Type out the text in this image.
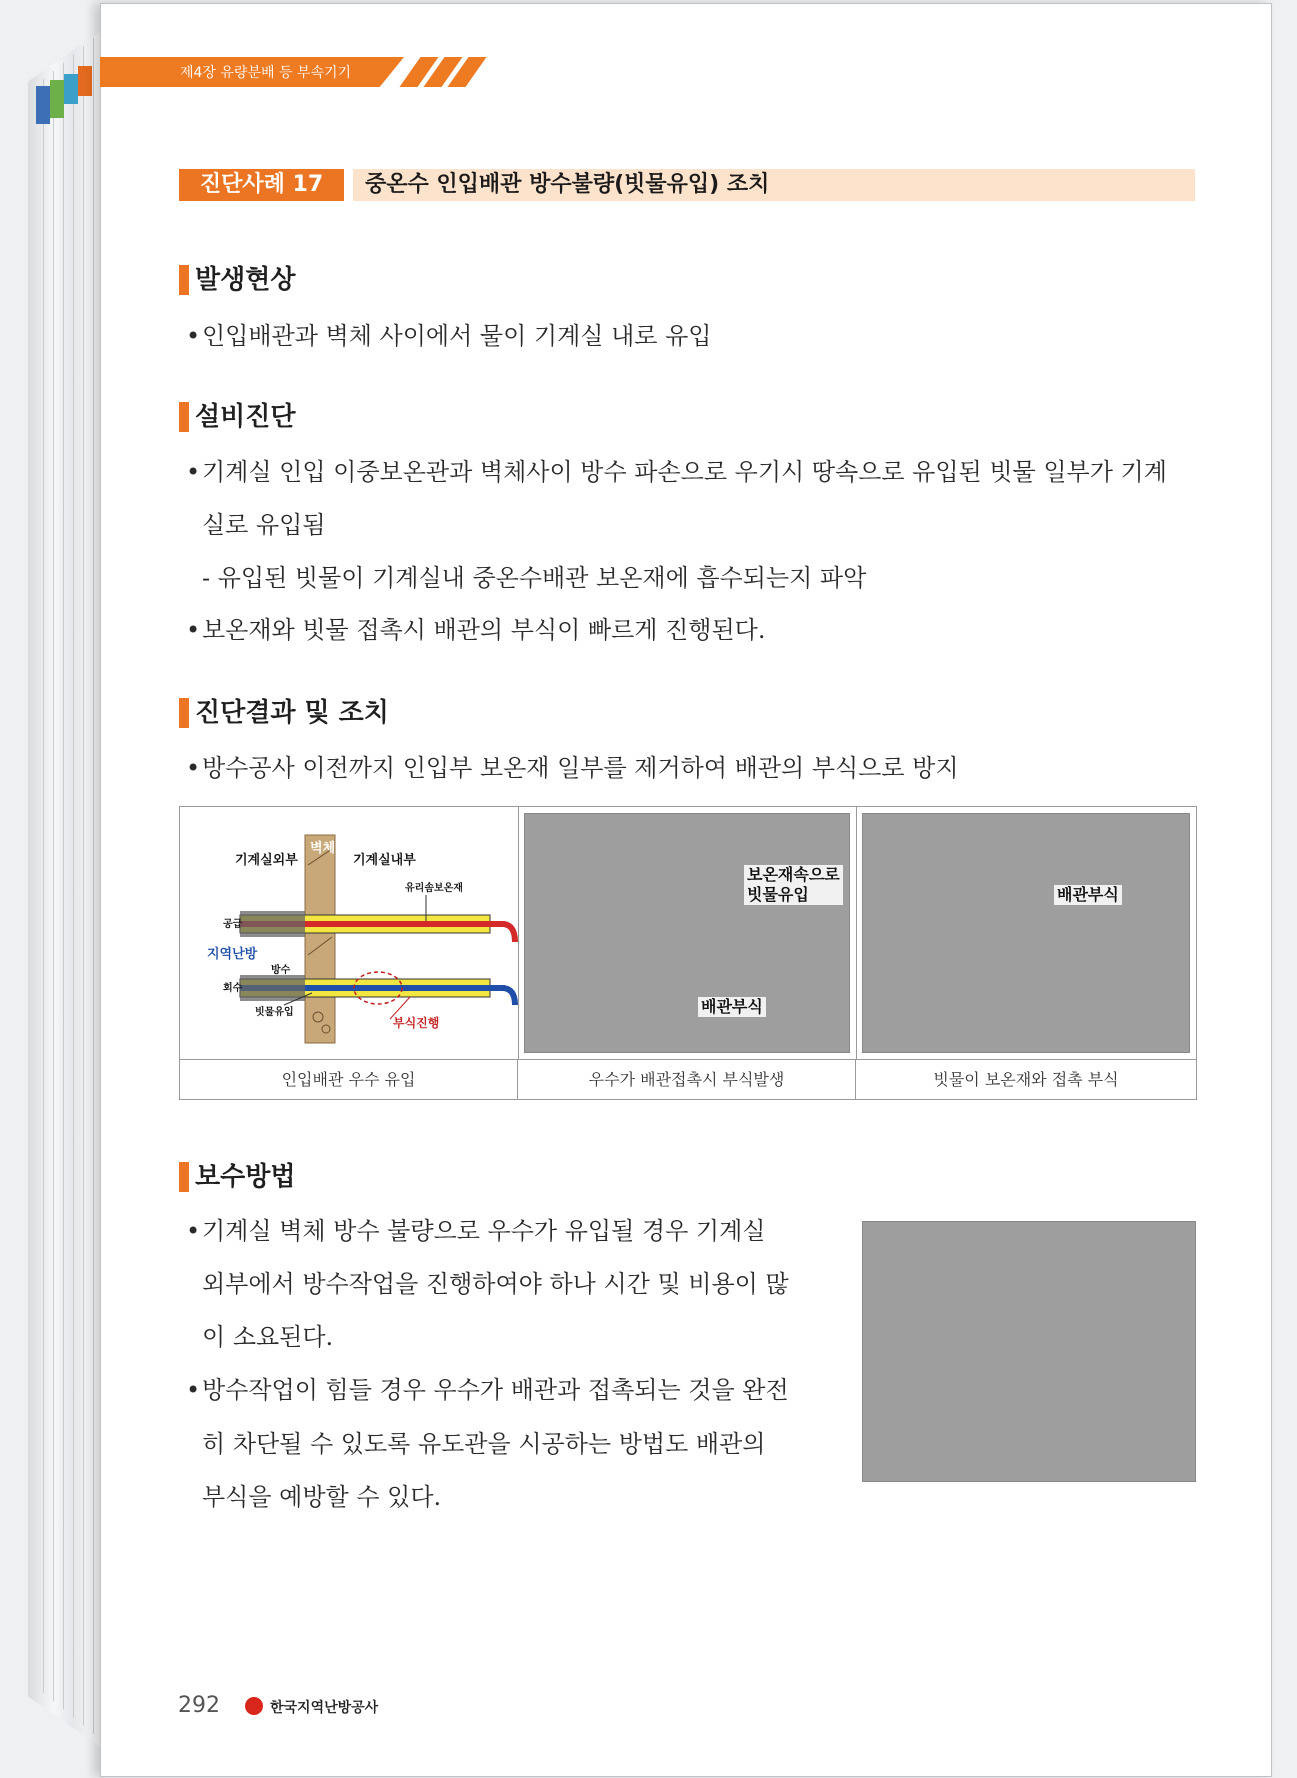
제4장 유량분배 등 부속기기
진단사례 17	중온수 인입배관 방수불량(빗물유입) 조치
발생현상
•인입배관과 벽체 사이에서 물이 기계실 내로 유입
설비진단
•기계실 인입 이중보온관과 벽체사이 방수 파손으로 우기시 땅속으로 유입된 빗물 일부가 기계
실로 유입됨
- 유입된 빗물이 기계실내 중온수배관 보온재에 흡수되는지 파악
•보온재와 빗물 접촉시 배관의 부식이 빠르게 진행된다.
진단결과 및 조치
•방수공사 이전까지 인입부 보온재 일부를 제거하여 배관의 부식으로 방지
기계실외부
벽체
기계실내부
유리솜보온재
공급
지역난방
방수
회수
빗물유입
부식진행
보온재속으로
빗물유입
배관부식
배관부식
인입배관 우수 유입	우수가 배관접촉시 부식발생	빗물이 보온재와 접촉 부식
보수방법
•기계실 벽체 방수 불량으로 우수가 유입될 경우 기계실
외부에서 방수작업을 진행하여야 하나 시간 및 비용이 많
이 소요된다.
•방수작업이 힘들 경우 우수가 배관과 접촉되는 것을 완전
히 차단될 수 있도록 유도관을 시공하는 방법도 배관의
부식을 예방할 수 있다.
292	한국지역난방공사
